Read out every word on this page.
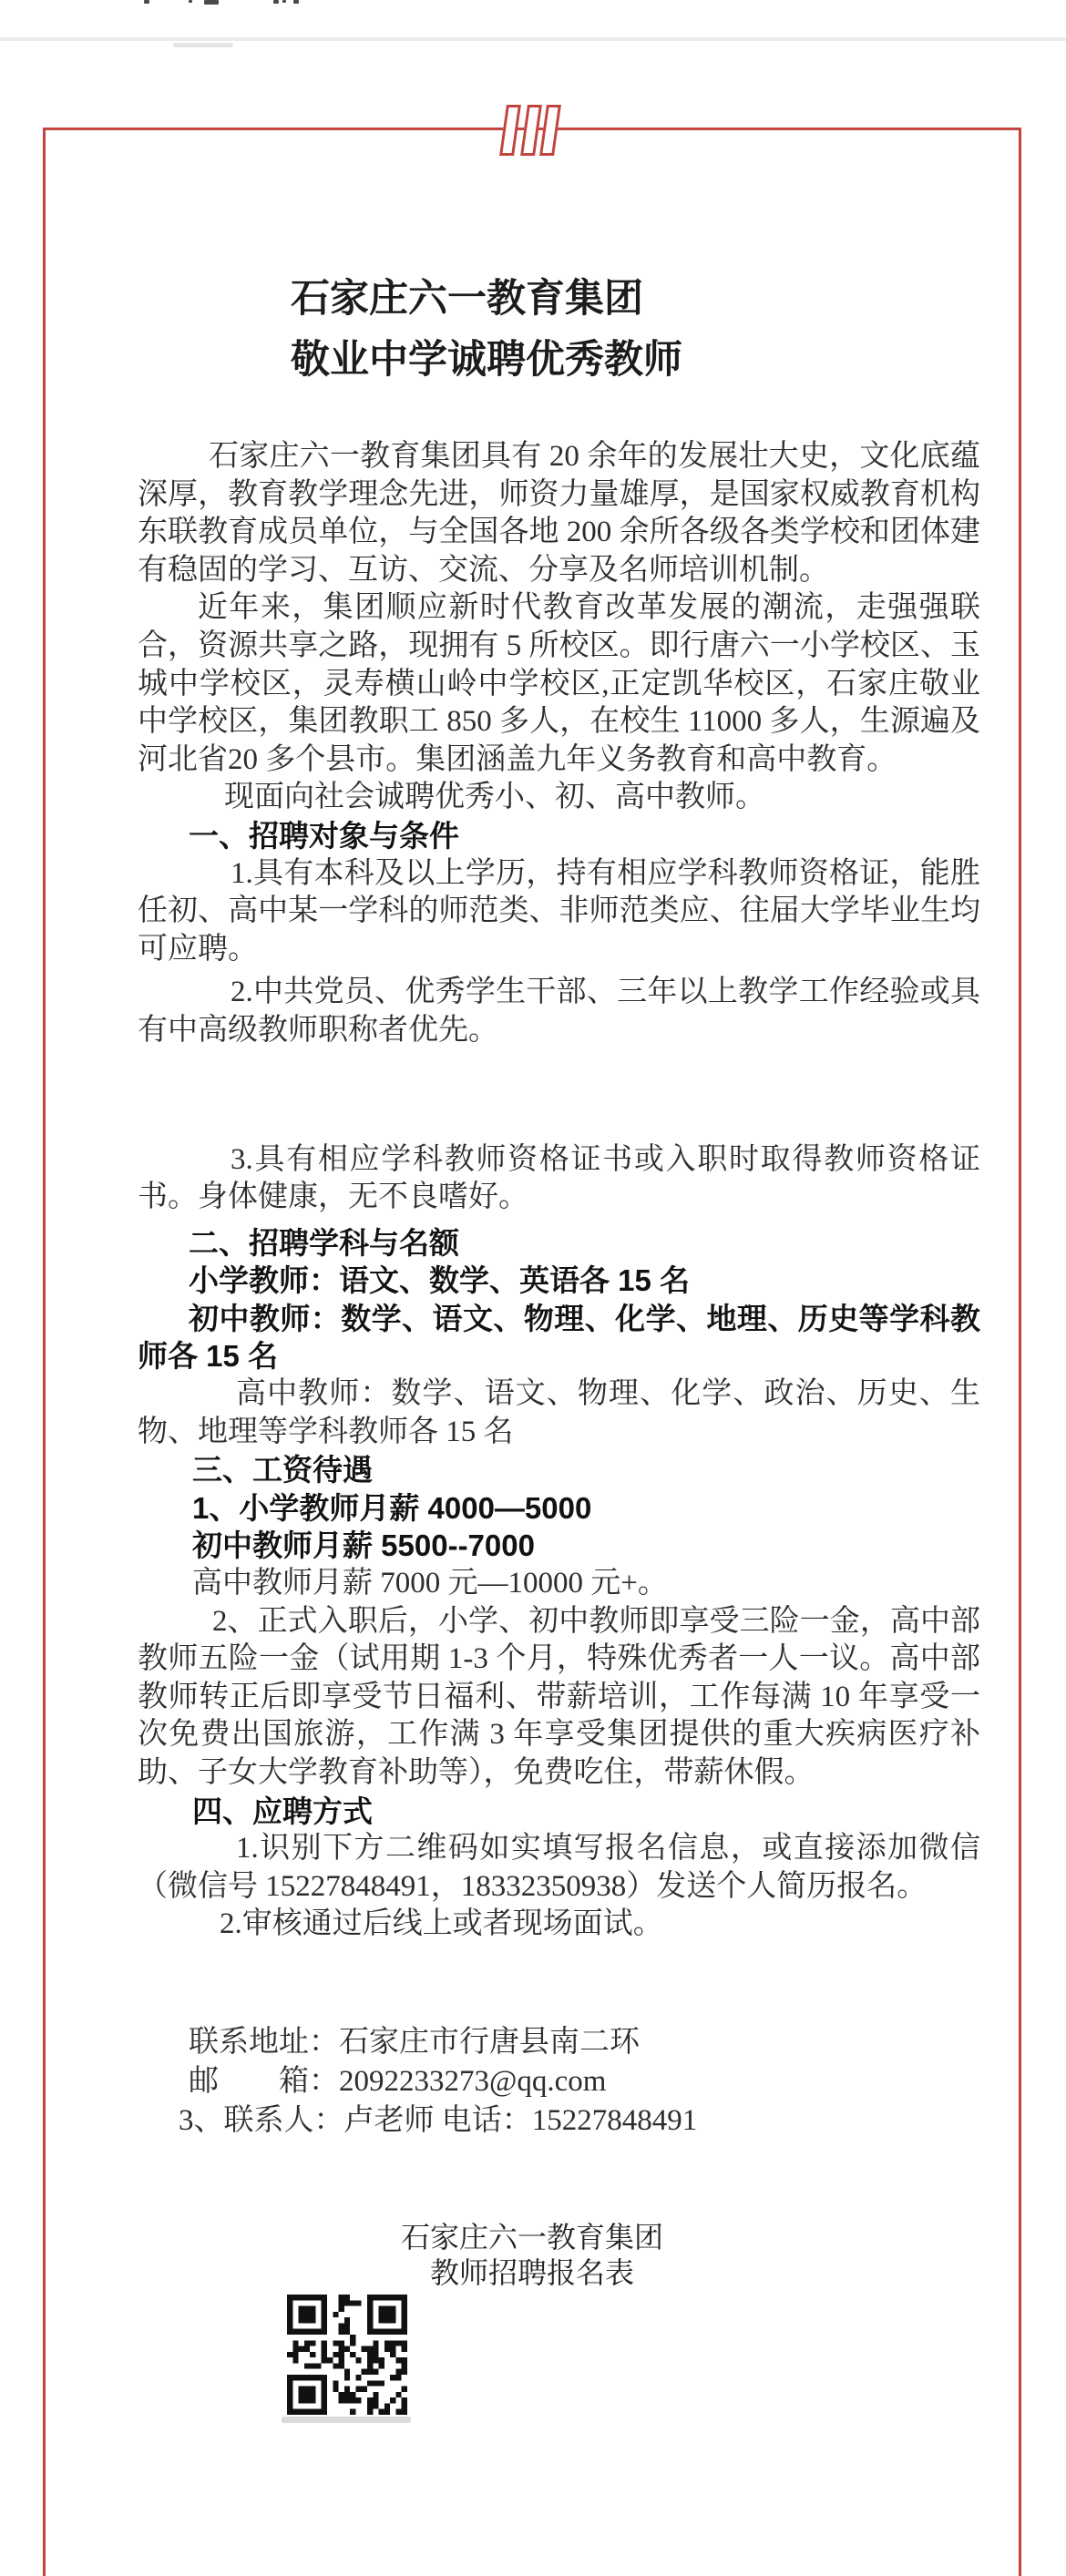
石家庄六一教育集团
敬业中学诚聘优秀教师

石家庄六一教育集团具有 20 余年的发展壮大史，文化底蕴深厚，教育教学理念先进，师资力量雄厚，是国家权威教育机构东联教育成员单位，与全国各地 200 余所各级各类学校和团体建有稳固的学习、互访、交流、分享及名师培训机制。

近年来，集团顺应新时代教育改革发展的潮流，走强强联合，资源共享之路，现拥有 5 所校区。即行唐六一小学校区、玉城中学校区，灵寿横山岭中学校区,正定凯华校区，石家庄敬业中学校区，集团教职工 850 多人，在校生 11000 多人，生源遍及河北省20 多个县市。集团涵盖九年义务教育和高中教育。

现面向社会诚聘优秀小、初、高中教师。

一、招聘对象与条件

1.具有本科及以上学历，持有相应学科教师资格证，能胜任初、高中某一学科的师范类、非师范类应、往届大学毕业生均可应聘。

2.中共党员、优秀学生干部、三年以上教学工作经验或具有中高级教师职称者优先。

3.具有相应学科教师资格证书或入职时取得教师资格证书。身体健康，无不良嗜好。

二、招聘学科与名额

小学教师：语文、数学、英语各 15 名

初中教师：数学、语文、物理、化学、地理、历史等学科教师各 15 名

高中教师：数学、语文、物理、化学、政治、历史、生物、地理等学科教师各 15 名

三、工资待遇

1、小学教师月薪 4000—5000

初中教师月薪 5500--7000

高中教师月薪 7000 元—10000 元+。

2、正式入职后，小学、初中教师即享受三险一金，高中部教师五险一金（试用期 1-3 个月，特殊优秀者一人一议。高中部教师转正后即享受节日福利、带薪培训，工作每满 10 年享受一次免费出国旅游，工作满 3 年享受集团提供的重大疾病医疗补助、子女大学教育补助等），免费吃住，带薪休假。

四、应聘方式

1.识别下方二维码如实填写报名信息，或直接添加微信（微信号 15227848491，18332350938）发送个人简历报名。

2.审核通过后线上或者现场面试。

联系地址：石家庄市行唐县南二环

邮　　箱：2092233273@qq.com

3、联系人：卢老师 电话：15227848491

石家庄六一教育集团
教师招聘报名表
